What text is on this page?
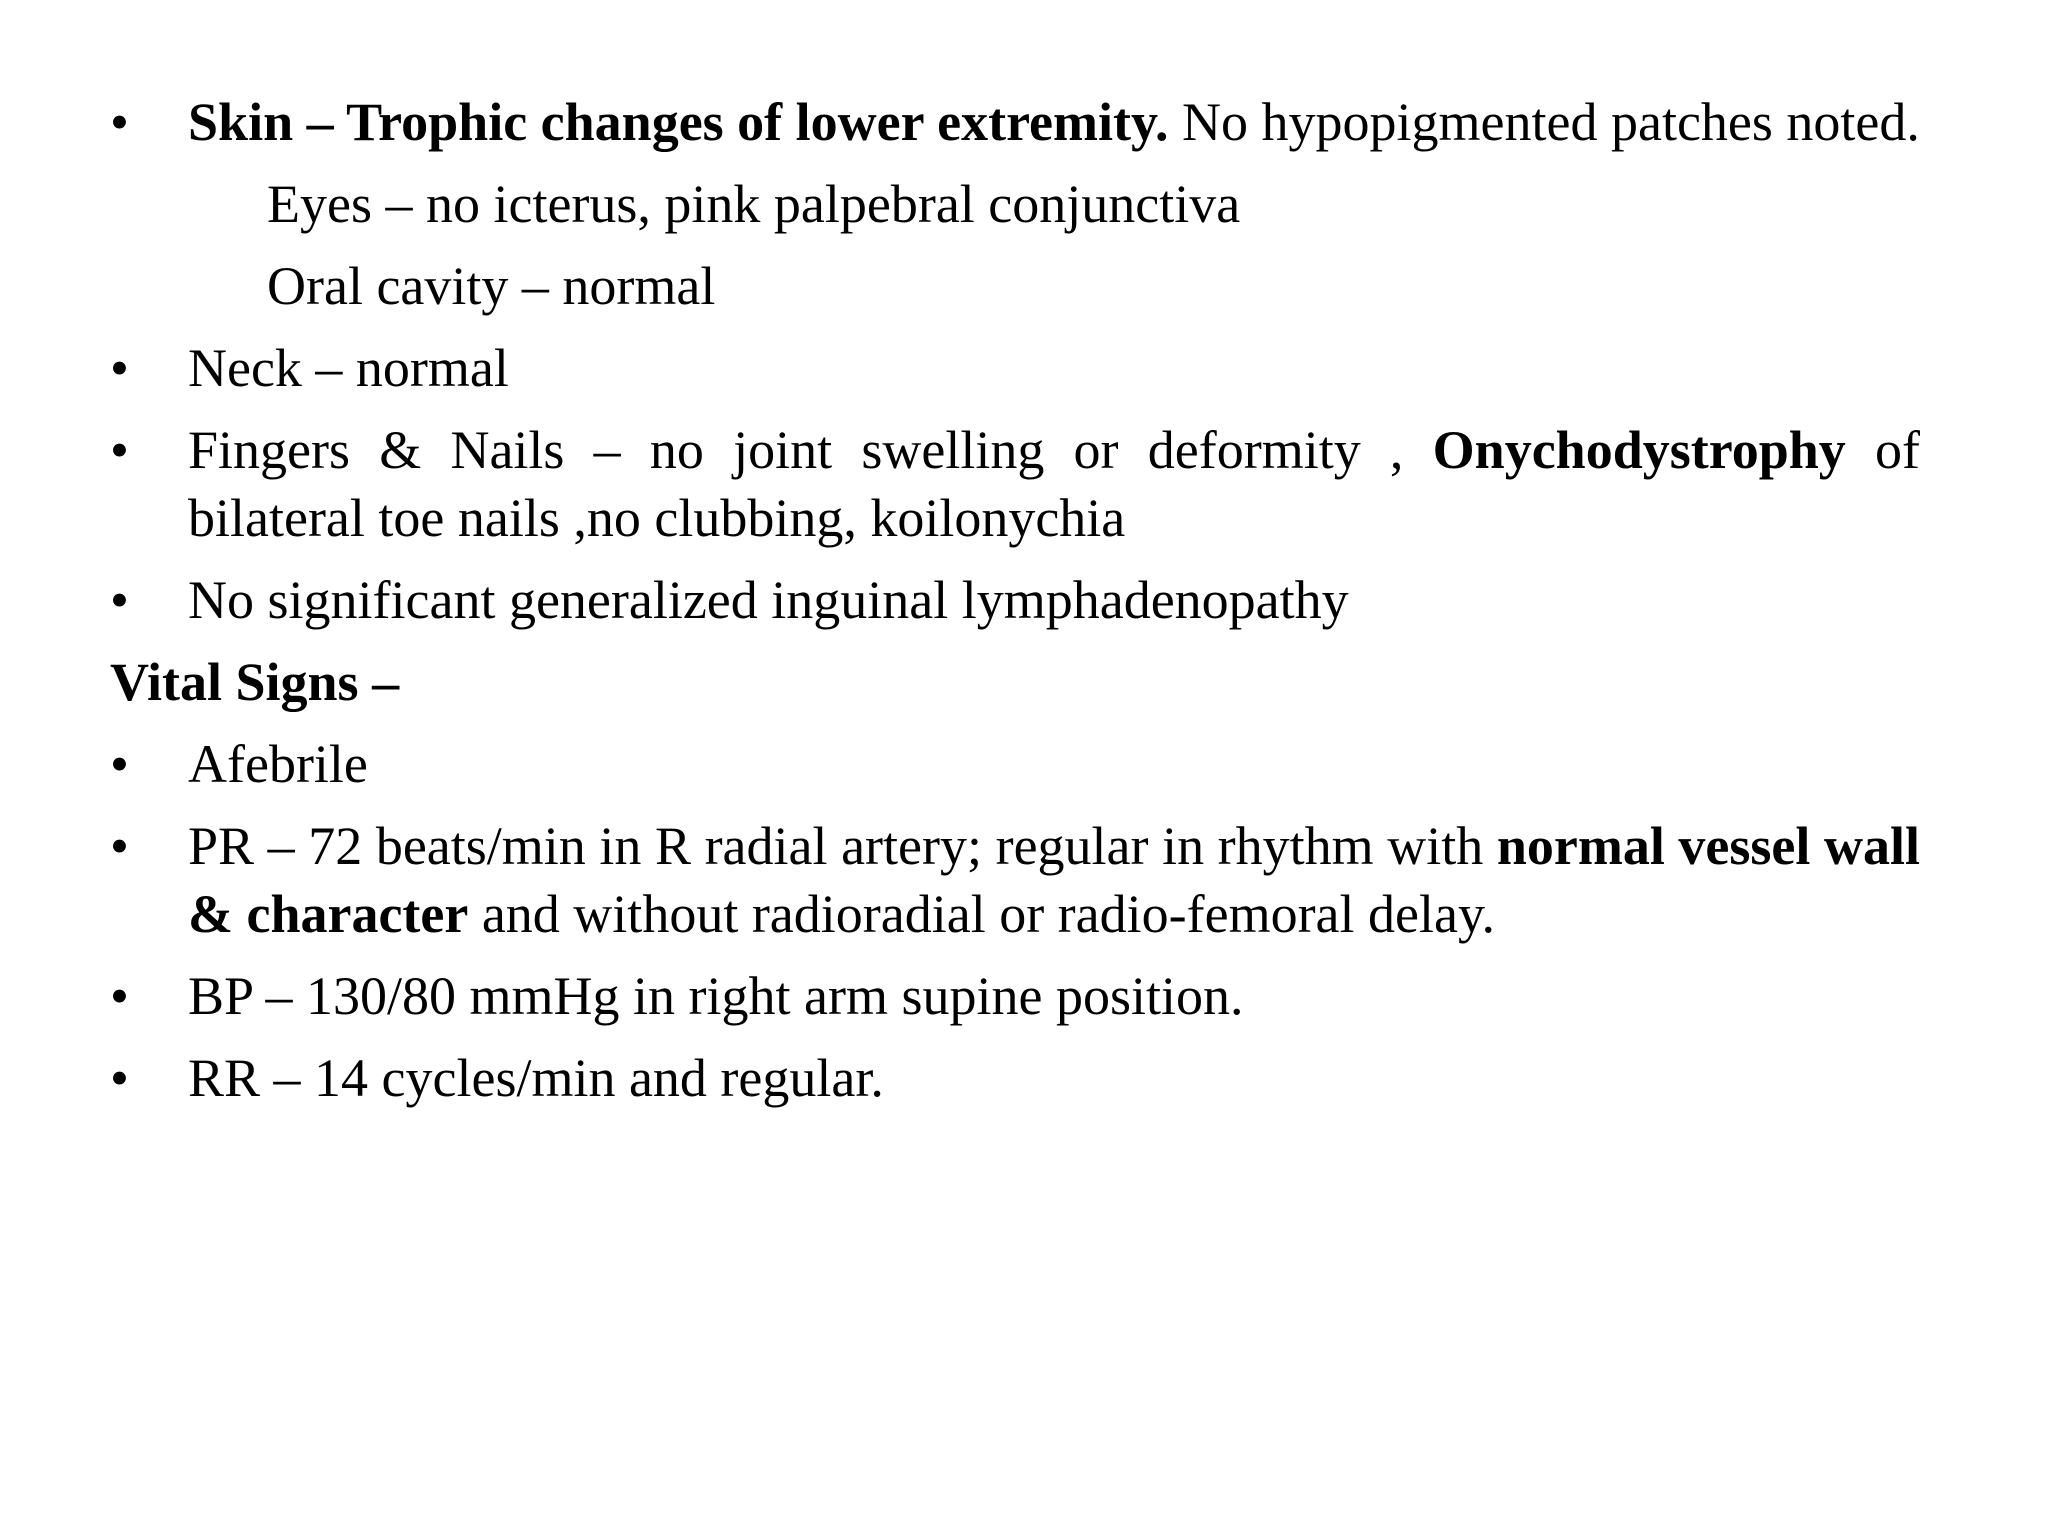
•	Skin – Trophic changes of lower extremity. No hypopigmented patches noted.
Eyes – no icterus, pink palpebral conjunctiva
Oral cavity – normal
•	Neck – normal
•	Fingers & Nails – no joint swelling or deformity , Onychodystrophy of bilateral toe nails ,no clubbing, koilonychia
•	No significant generalized inguinal lymphadenopathy
Vital Signs –
•	Afebrile
•	PR – 72 beats/min in R radial artery; regular in rhythm with normal vessel wall & character and without radioradial or radio-femoral delay.
•	BP – 130/80 mmHg in right arm supine position.
•	RR – 14 cycles/min and regular.
